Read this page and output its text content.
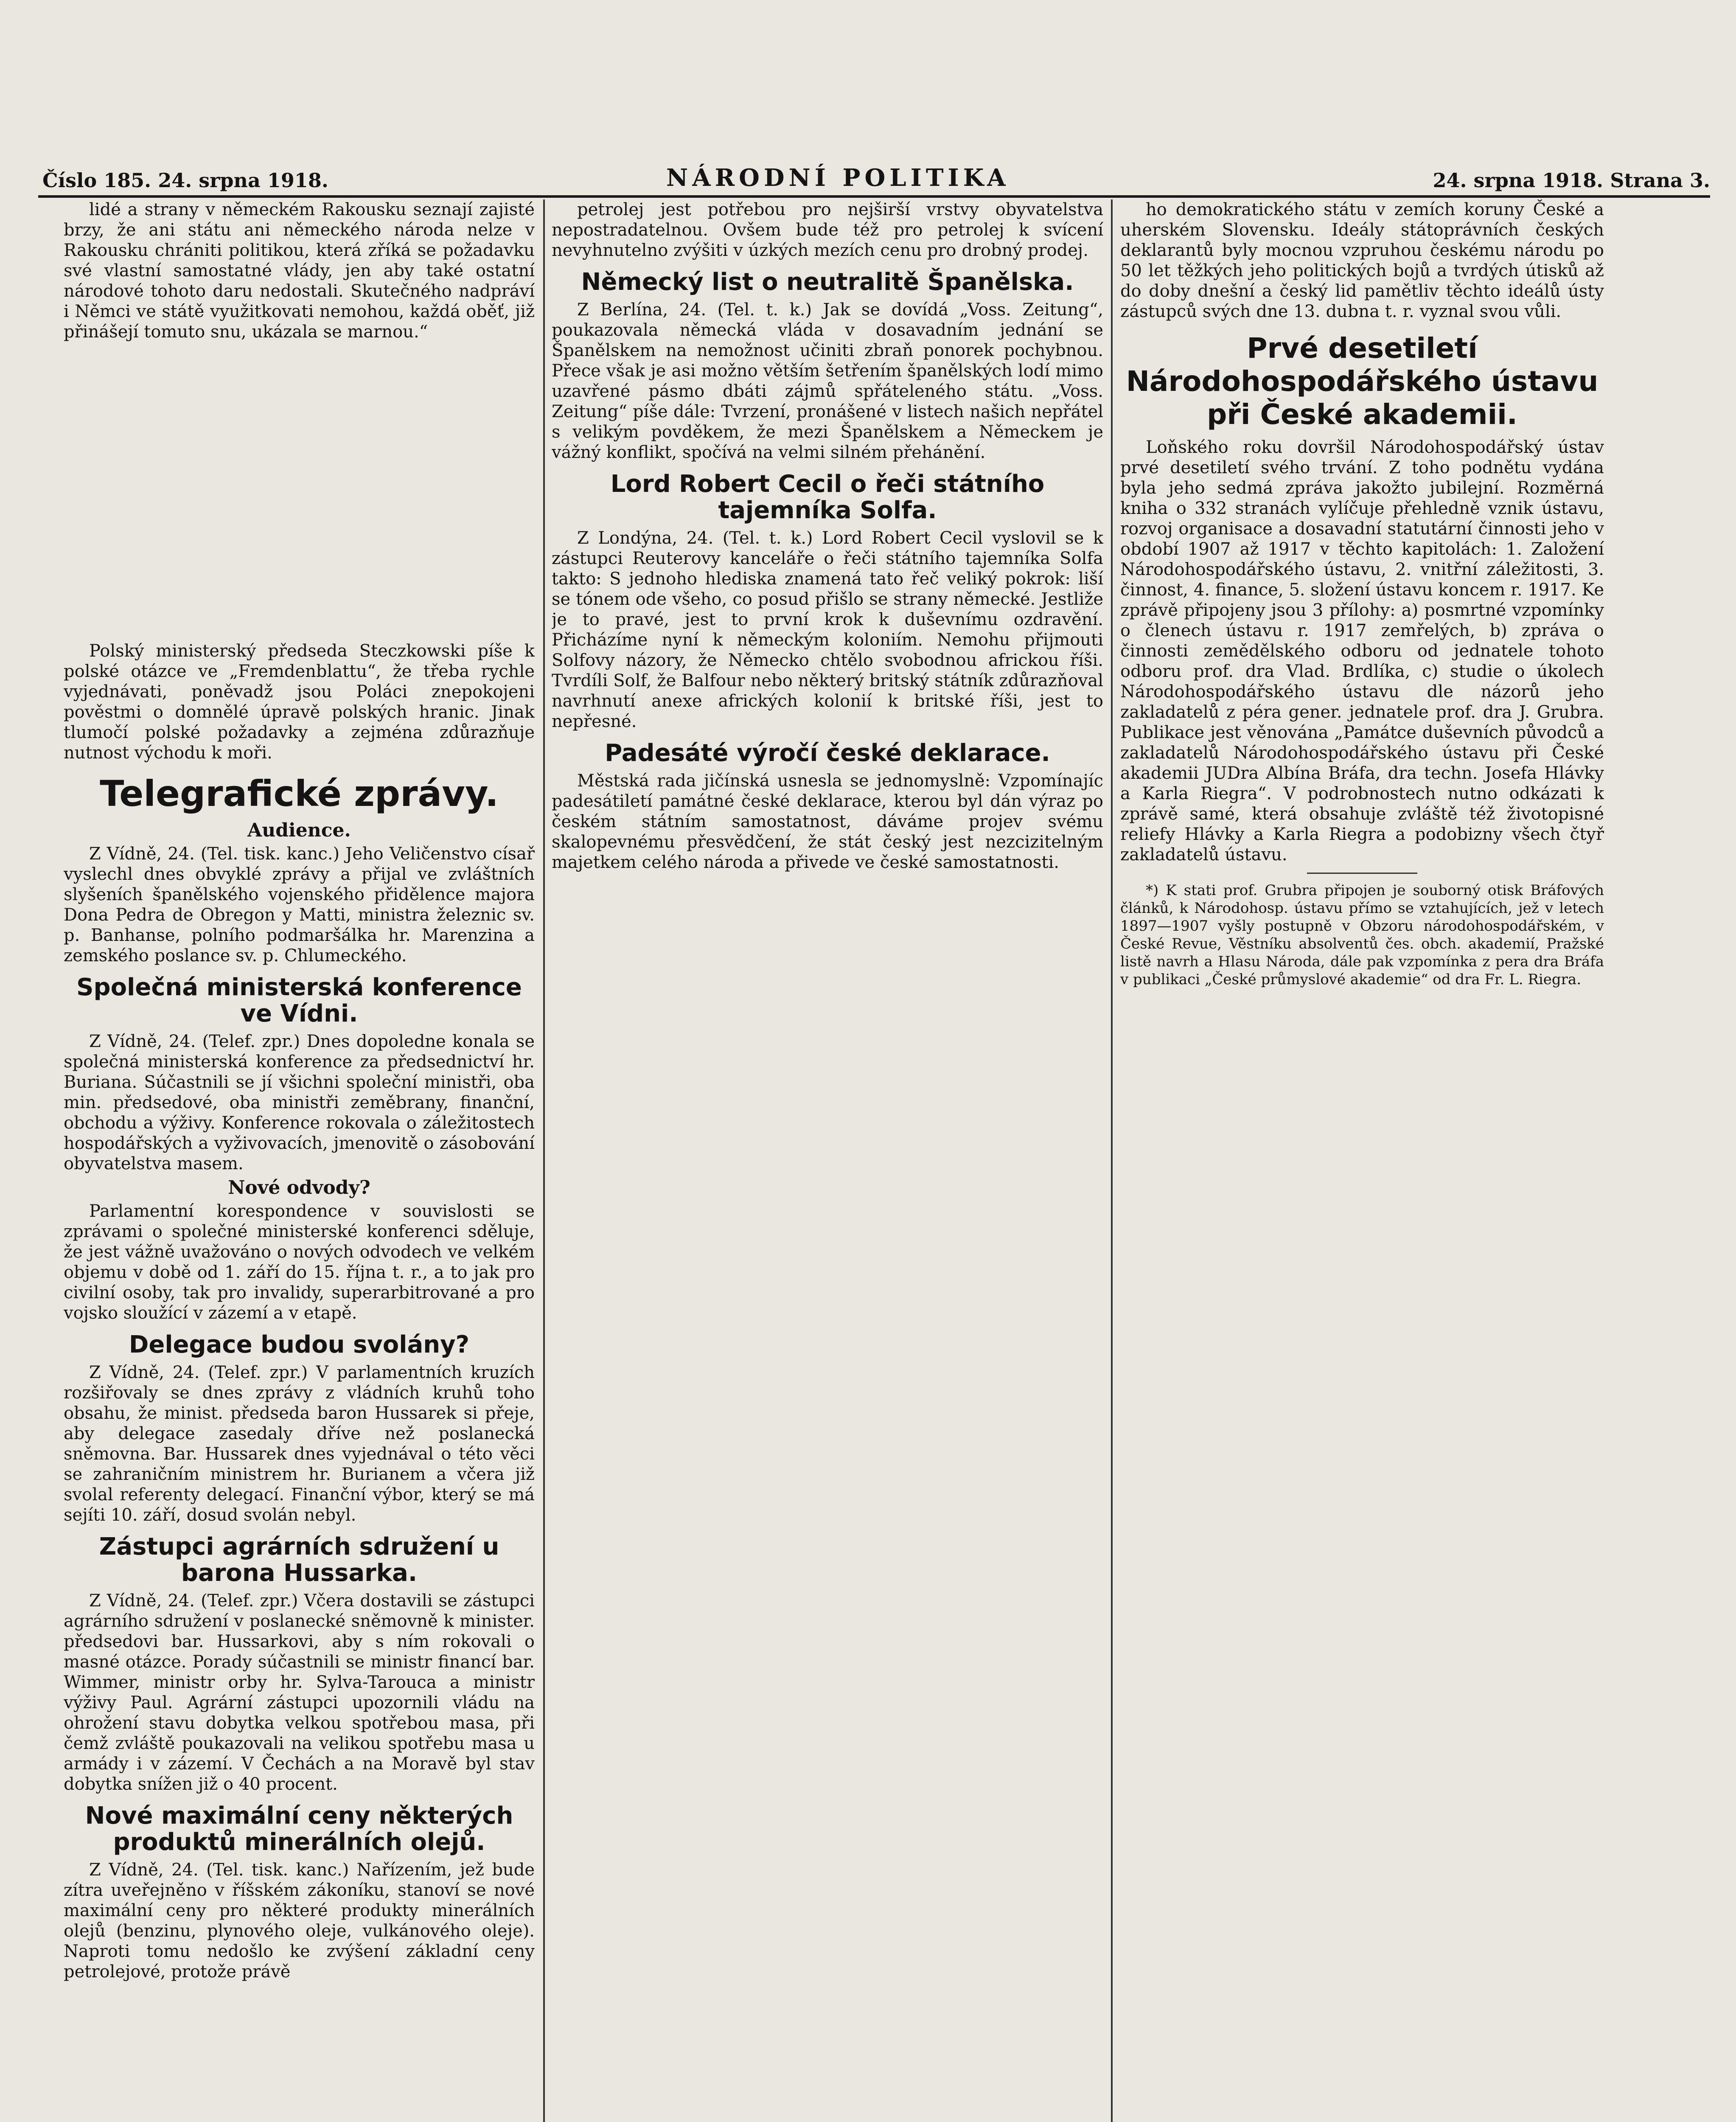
Číslo 185. 24. srpna 1918.	NÁRODNÍ POLITIKA	24. srpna 1918. Strana 3.

lidé a strany v německém Rakousku seznají zajisté brzy, že ani státu ani německého národa nelze v Rakousku chrániti politikou, která zříká se požadavku své vlastní samostatné vlády, jen aby také ostatní národové tohoto daru nedostali. Skutečného nadpráví i Němci ve státě využitkovati nemohou, každá oběť, již přinášejí tomuto snu, ukázala se marnou.“

Polský ministerský předseda Steczkowski píše k polské otázce ve „Fremdenblattu“, že třeba rychle vyjednávati, poněvadž jsou Poláci znepokojeni pověstmi o domnělé úpravě polských hranic. Jinak tlumočí polské požadavky a zejména zdůrazňuje nutnost východu k moři.

Telegrafické zprávy.
Audience.

Z Vídně, 24. (Tel. tisk. kanc.) Jeho Veličenstvo císař vyslechl dnes obvyklé zprávy a přijal ve zvláštních slyšeních španělského vojenského přidělence majora Dona Pedra de Obregon y Matti, ministra železnic sv. p. Banhanse, polního podmaršálka hr. Marenzina a zemského poslance sv. p. Chlumeckého.

Společná ministerská konference ve Vídni.

Z Vídně, 24. (Telef. zpr.) Dnes dopoledne konala se společná ministerská konference za předsednictví hr. Buriana. Súčastnili se jí všichni společní ministři, oba min. předsedové, oba ministři zeměbrany, finanční, obchodu a výživy. Konference rokovala o záležitostech hospodářských a vyživovacích, jmenovitě o zásobování obyvatelstva masem.

Nové odvody?

Parlamentní korespondence v souvislosti se zprávami o společné ministerské konferenci sděluje, že jest vážně uvažováno o nových odvodech ve velkém objemu v době od 1. září do 15. října t. r., a to jak pro civilní osoby, tak pro invalidy, superarbitrované a pro vojsko sloužící v zázemí a v etapě.

Delegace budou svolány?

Z Vídně, 24. (Telef. zpr.) V parlamentních kruzích rozšiřovaly se dnes zprávy z vládních kruhů toho obsahu, že minist. předseda baron Hussarek si přeje, aby delegace zasedaly dříve než poslanecká sněmovna. Bar. Hussarek dnes vyjednával o této věci se zahraničním ministrem hr. Burianem a včera již svolal referenty delegací. Finanční výbor, který se má sejíti 10. září, dosud svolán nebyl.

Zástupci agrárních sdružení u barona Hussarka.

Z Vídně, 24. (Telef. zpr.) Včera dostavili se zástupci agrárního sdružení v poslanecké sněmovně k minister. předsedovi bar. Hussarkovi, aby s ním rokovali o masné otázce. Porady súčastnili se ministr financí bar. Wimmer, ministr orby hr. Sylva-Tarouca a ministr výživy Paul. Agrární zástupci upozornili vládu na ohrožení stavu dobytka velkou spotřebou masa, při čemž zvláště poukazovali na velikou spotřebu masa u armády i v zázemí. V Čechách a na Moravě byl stav dobytka snížen již o 40 procent.

Nové maximální ceny některých produktů minerálních olejů.

Z Vídně, 24. (Tel. tisk. kanc.) Nařízením, jež bude zítra uveřejněno v říšském zákoníku, stanoví se nové maximální ceny pro některé produkty minerálních olejů (benzinu, plynového oleje, vulkánového oleje). Naproti tomu nedošlo ke zvýšení základní ceny petrolejové, protože právě

petrolej jest potřebou pro nejširší vrstvy obyvatelstva nepostradatelnou. Ovšem bude též pro petrolej k svícení nevyhnutelno zvýšiti v úzkých mezích cenu pro drobný prodej.

Německý list o neutralitě Španělska.

Z Berlína, 24. (Tel. t. k.) Jak se dovídá „Voss. Zeitung“, poukazovala německá vláda v dosavadním jednání se Španělskem na nemožnost učiniti zbraň ponorek pochybnou. Přece však je asi možno větším šetřením španělských lodí mimo uzavřené pásmo dbáti zájmů spřáteleného státu. „Voss. Zeitung“ píše dále: Tvrzení, pronášené v listech našich nepřátel s velikým povděkem, že mezi Španělskem a Německem je vážný konflikt, spočívá na velmi silném přehánění.

Lord Robert Cecil o řeči státního tajemníka Solfa.

Z Londýna, 24. (Tel. t. k.) Lord Robert Cecil vyslovil se k zástupci Reuterovy kanceláře o řeči státního tajemníka Solfa takto: S jednoho hlediska znamená tato řeč veliký pokrok: liší se tónem ode všeho, co posud přišlo se strany německé. Jestliže je to pravé, jest to první krok k duševnímu ozdravění. Přicházíme nyní k německým koloniím. Nemohu přijmouti Solfovy názory, že Německo chtělo svobodnou africkou říši. Tvrdíli Solf, že Balfour nebo některý britský státník zdůrazňoval navrhnutí anexe afrických kolonií k britské říši, jest to nepřesné.

Padesáté výročí české deklarace.

Městská rada jičínská usnesla se jednomyslně: Vzpomínajíc padesátiletí památné české deklarace, kterou byl dán výraz po českém státním samostatnost, dáváme projev svému skalopevnému přesvědčení, že stát český jest nezcizitelným majetkem celého národa a přivede ve české samostatnosti.

ho demokratického státu v zemích koruny České a uherském Slovensku. Ideály státoprávních českých deklarantů byly mocnou vzpruhou českému národu po 50 let těžkých jeho politických bojů a tvrdých útisků až do doby dnešní a český lid pamětliv těchto ideálů ústy zástupců svých dne 13. dubna t. r. vyznal svou vůli.

Prvé desetiletí Národohospodářského ústavu při České akademii.

Loňského roku dovršil Národohospodářský ústav prvé desetiletí svého trvání. Z toho podnětu vydána byla jeho sedmá zpráva jakožto jubilejní. Rozměrná kniha o 332 stranách vylíčuje přehledně vznik ústavu, rozvoj organisace a dosavadní statutární činnosti jeho v období 1907 až 1917 v těchto kapitolách: 1. Založení Národohospodářského ústavu, 2. vnitřní záležitosti, 3. činnost, 4. finance, 5. složení ústavu koncem r. 1917. Ke zprávě připojeny jsou 3 přílohy: a) posmrtné vzpomínky o členech ústavu r. 1917 zemřelých, b) zpráva o činnosti zemědělského odboru od jednatele tohoto odboru prof. dra Vlad. Brdlíka, c) studie o úkolech Národohospodářského ústavu dle názorů jeho zakladatelů z péra gener. jednatele prof. dra J. Grubra. Publikace jest věnována „Památce duševních původců a zakladatelů Národohospodářského ústavu při České akademii JUDra Albína Bráfa, dra techn. Josefa Hlávky a Karla Riegra“. V podrobnostech nutno odkázati k zprávě samé, která obsahuje zvláště též životopisné reliefy Hlávky a Karla Riegra a podobizny všech čtyř zakladatelů ústavu.

*) K stati prof. Grubra připojen je souborný otisk Bráfových článků, k Národohosp. ústavu přímo se vztahujících, jež v letech 1897—1907 vyšly postupně v Obzoru národohospodářském, v České Revue, Věstníku absolventů čes. obch. akademií, Pražské listě navrh a Hlasu Národa, dále pak vzpomínka z pera dra Bráfa v publikaci „České průmyslové akademie“ od dra Fr. L. Riegra.
